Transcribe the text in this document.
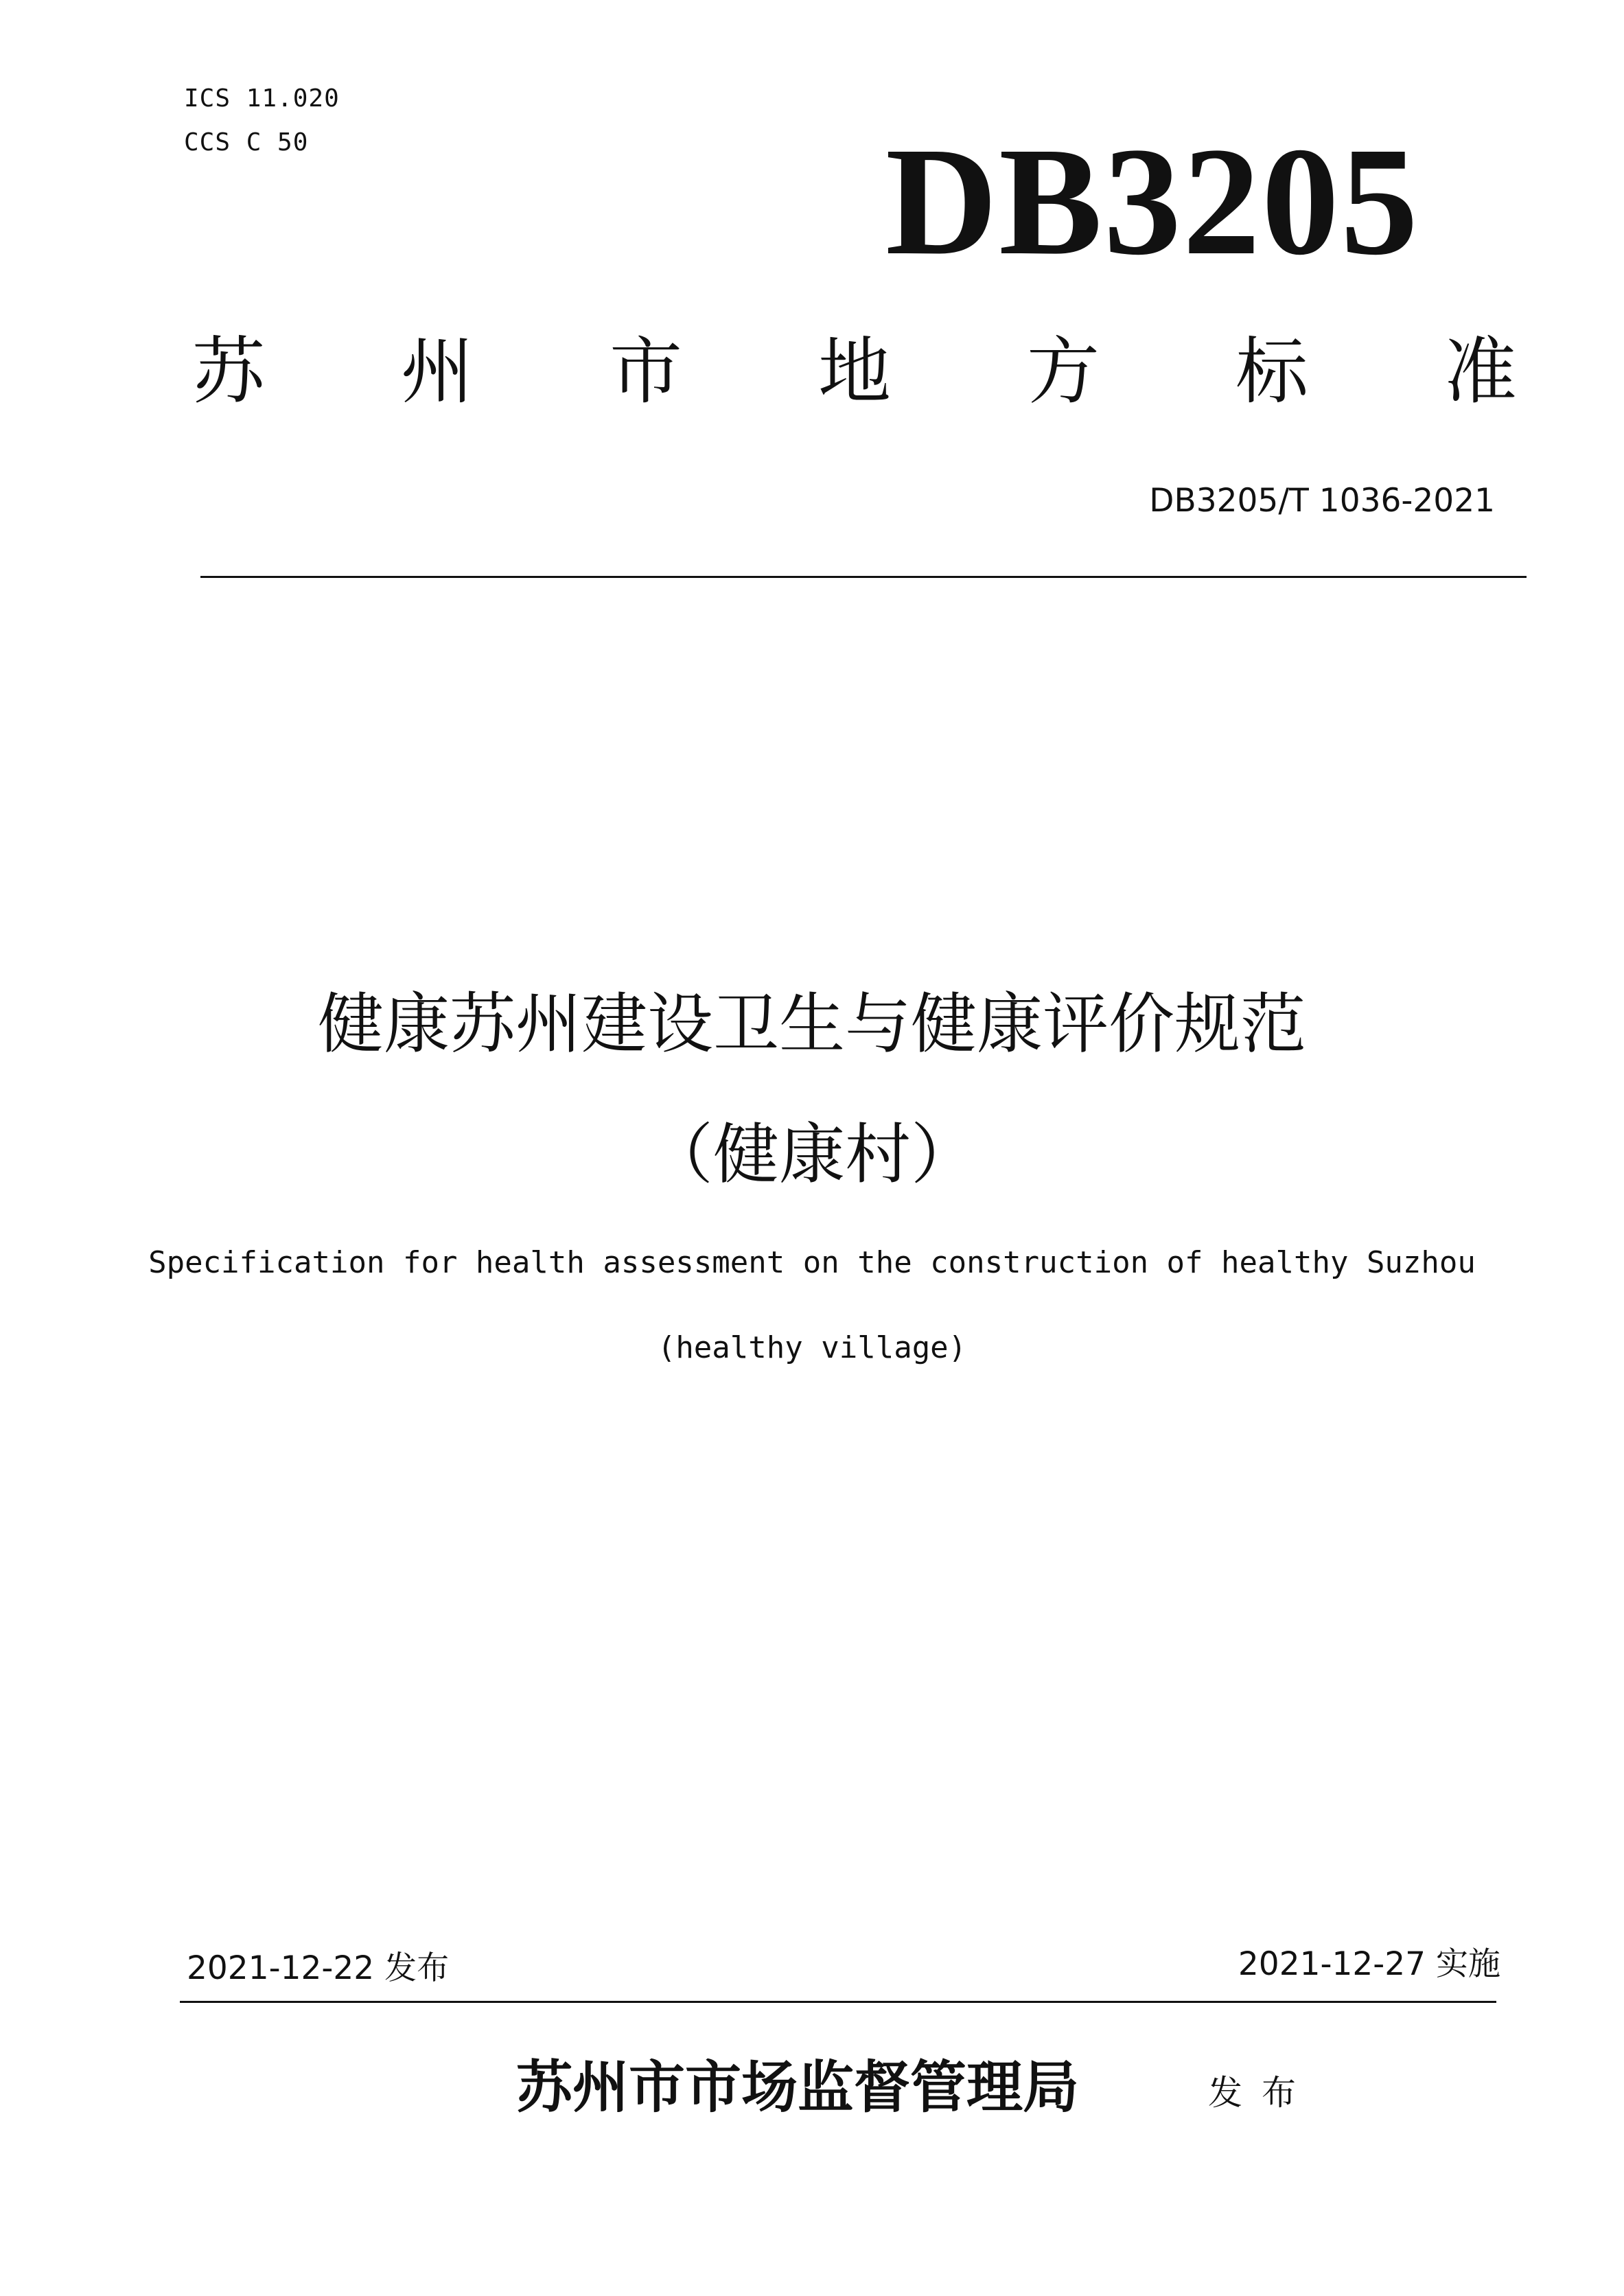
ICS 11.020
CCS C 50	DB3205
苏 州 市 地 方 标 准
DB3205/T 1036-2021
健康苏州建设卫生与健康评价规范
（健康村）
Specification for health assessment on the construction of healthy Suzhou
(healthy village)
2021-12-22 发布	2021-12-27 实施
苏州市市场监督管理局	发布
